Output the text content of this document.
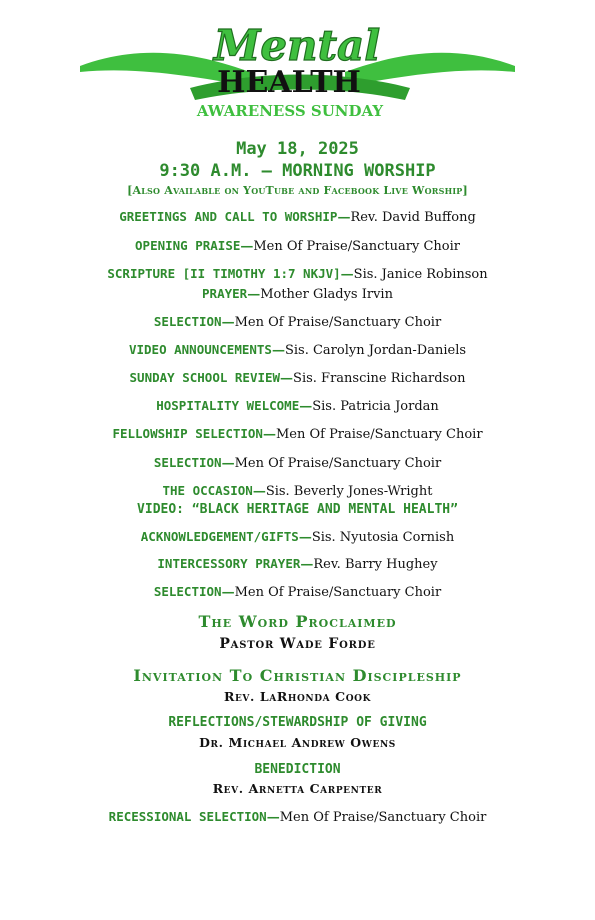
Mental
HEALTH
AWARENESS SUNDAY
May 18, 2025
9:30 A.M. — MORNING WORSHIP
[Also Available on YouTube and Facebook Live Worship]
GREETINGS AND CALL TO WORSHIP—Rev. David Buffong
OPENING PRAISE—Men Of Praise/Sanctuary Choir
SCRIPTURE [II TIMOTHY 1:7 NKJV]—Sis. Janice Robinson
PRAYER—Mother Gladys Irvin
SELECTION—Men Of Praise/Sanctuary Choir
VIDEO ANNOUNCEMENTS—Sis. Carolyn Jordan-Daniels
SUNDAY SCHOOL REVIEW—Sis. Franscine Richardson
HOSPITALITY WELCOME—Sis. Patricia Jordan
FELLOWSHIP SELECTION—Men Of Praise/Sanctuary Choir
SELECTION—Men Of Praise/Sanctuary Choir
THE OCCASION—Sis. Beverly Jones-Wright
VIDEO: “BLACK HERITAGE AND MENTAL HEALTH”
ACKNOWLEDGEMENT/GIFTS—Sis. Nyutosia Cornish
INTERCESSORY PRAYER—Rev. Barry Hughey
SELECTION—Men Of Praise/Sanctuary Choir
The Word Proclaimed
Pastor Wade Forde
Invitation To Christian Discipleship
Rev. LaRhonda Cook
REFLECTIONS/STEWARDSHIP OF GIVING
Dr. Michael Andrew Owens
BENEDICTION
Rev. Arnetta Carpenter
RECESSIONAL SELECTION—Men Of Praise/Sanctuary Choir
